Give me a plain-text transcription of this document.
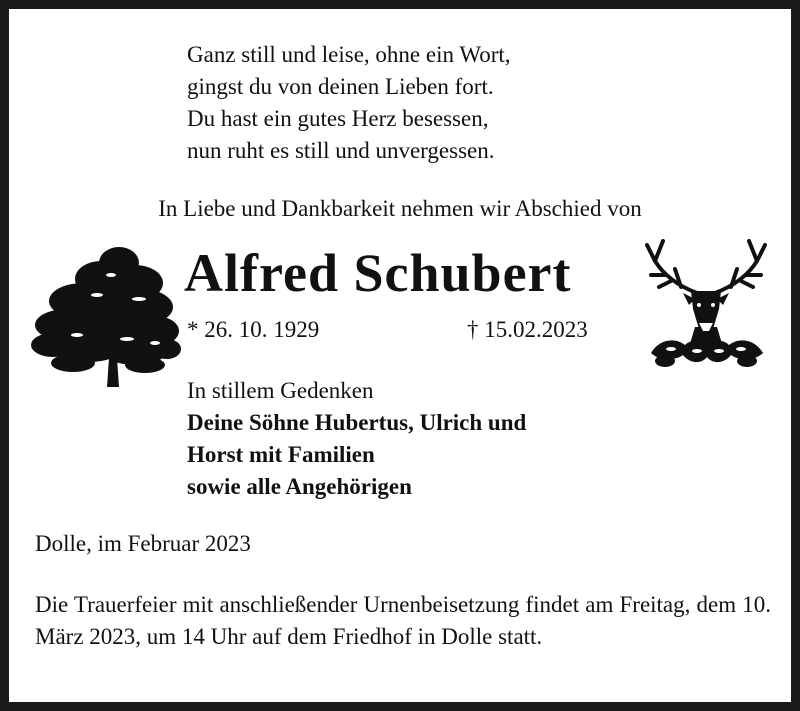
Ganz still und leise, ohne ein Wort,
gingst du von deinen Lieben fort.
Du hast ein gutes Herz besessen,
nun ruht es still und unvergessen.
In Liebe und Dankbarkeit nehmen wir Abschied von
Alfred Schubert
* 26. 10. 1929	† 15.02.2023
In stillem Gedenken
Deine Söhne Hubertus, Ulrich und
Horst mit Familien
sowie alle Angehörigen
Dolle, im Februar 2023
Die Trauerfeier mit anschließender Urnenbeisetzung findet am Freitag, dem 10. März 2023, um 14 Uhr auf dem Friedhof in Dolle statt.
